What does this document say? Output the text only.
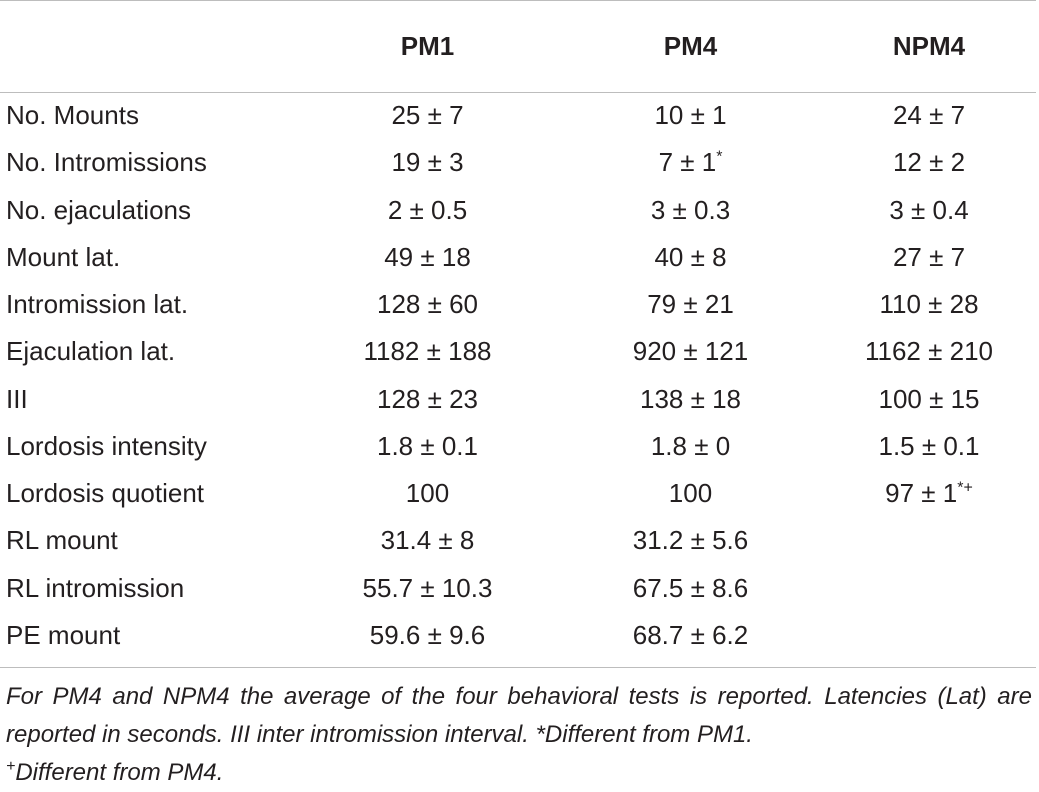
	PM1	PM4	NPM4
No. Mounts	25 ± 7	10 ± 1	24 ± 7
No. Intromissions	19 ± 3	7 ± 1*	12 ± 2
No. ejaculations	2 ± 0.5	3 ± 0.3	3 ± 0.4
Mount lat.	49 ± 18	40 ± 8	27 ± 7
Intromission lat.	128 ± 60	79 ± 21	110 ± 28
Ejaculation lat.	1182 ± 188	920 ± 121	1162 ± 210
III	128 ± 23	138 ± 18	100 ± 15
Lordosis intensity	1.8 ± 0.1	1.8 ± 0	1.5 ± 0.1
Lordosis quotient	100	100	97 ± 1*+
RL mount	31.4 ± 8	31.2 ± 5.6	
RL intromission	55.7 ± 10.3	67.5 ± 8.6	
PE mount	59.6 ± 9.6	68.7 ± 6.2	
For PM4 and NPM4 the average of the four behavioral tests is reported. Latencies (Lat) are reported in seconds. III inter intromission interval. *Different from PM1.
+Different from PM4.
